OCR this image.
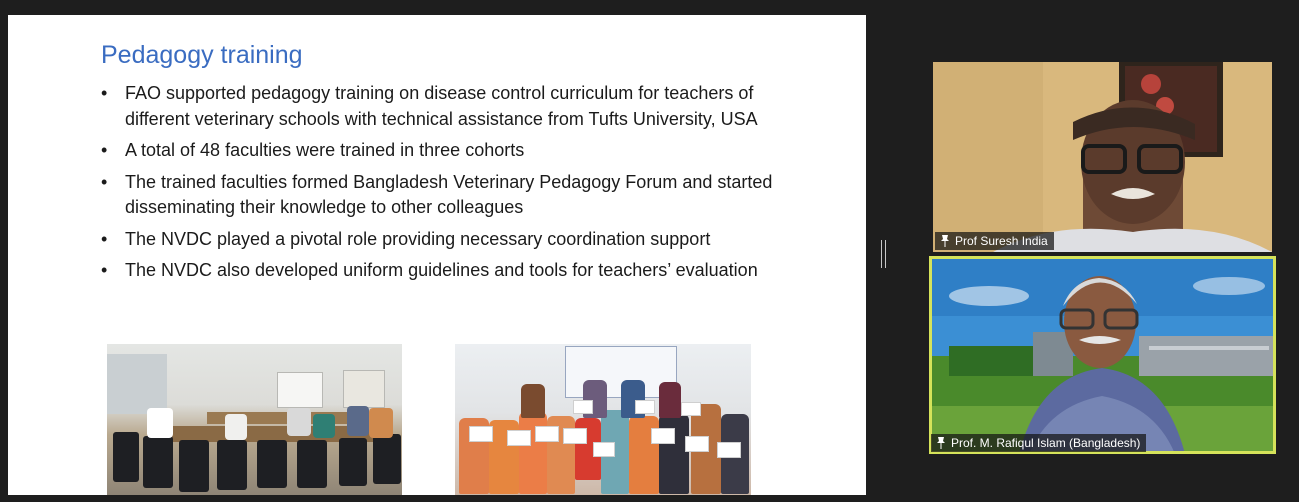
Pedagogy training
• FAO supported pedagogy training on disease control curriculum for teachers of different veterinary schools with technical assistance from Tufts University, USA
• A total of 48 faculties were trained in three cohorts
• The trained faculties formed Bangladesh Veterinary Pedagogy Forum and started disseminating their knowledge to other colleagues
• The NVDC played a pivotal role providing necessary coordination support
• The NVDC also developed uniform guidelines and tools for teachers’ evaluation
Prof Suresh India
Prof. M. Rafiqul Islam (Bangladesh)
